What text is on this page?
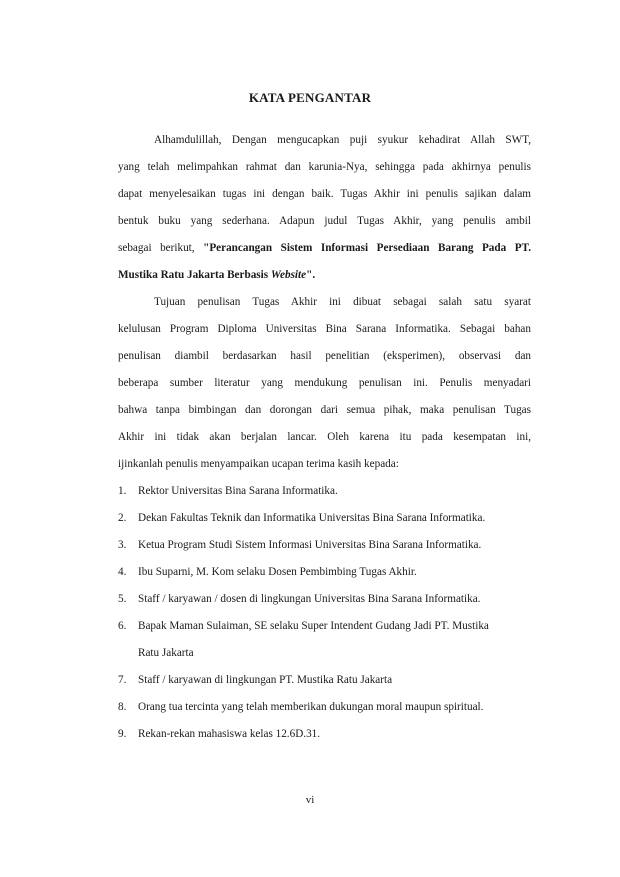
KATA PENGANTAR
Alhamdulillah, Dengan mengucapkan puji syukur kehadirat Allah SWT,
yang telah melimpahkan rahmat dan karunia-Nya, sehingga pada akhirnya penulis
dapat menyelesaikan tugas ini dengan baik. Tugas Akhir ini penulis sajikan dalam
bentuk buku yang sederhana. Adapun judul Tugas Akhir, yang penulis ambil
sebagai berikut, "Perancangan Sistem Informasi Persediaan Barang Pada PT.
Mustika Ratu Jakarta Berbasis Website".
Tujuan penulisan Tugas Akhir ini dibuat sebagai salah satu syarat
kelulusan Program Diploma Universitas Bina Sarana Informatika. Sebagai bahan
penulisan diambil berdasarkan hasil penelitian (eksperimen), observasi dan
beberapa sumber literatur yang mendukung penulisan ini. Penulis menyadari
bahwa tanpa bimbingan dan dorongan dari semua pihak, maka penulisan Tugas
Akhir ini tidak akan berjalan lancar. Oleh karena itu pada kesempatan ini,
ijinkanlah penulis menyampaikan ucapan terima kasih kepada:
1.	Rektor Universitas Bina Sarana Informatika.
2.	Dekan Fakultas Teknik dan Informatika Universitas Bina Sarana Informatika.
3.	Ketua Program Studi Sistem Informasi Universitas Bina Sarana Informatika.
4.	Ibu Suparni, M. Kom selaku Dosen Pembimbing Tugas Akhir.
5.	Staff / karyawan / dosen di lingkungan Universitas Bina Sarana Informatika.
6.	Bapak Maman Sulaiman, SE selaku Super Intendent Gudang Jadi PT. Mustika
Ratu Jakarta
7.	Staff / karyawan di lingkungan PT. Mustika Ratu Jakarta
8.	Orang tua tercinta yang telah memberikan dukungan moral maupun spiritual.
9.	Rekan-rekan mahasiswa kelas 12.6D.31.
vi
